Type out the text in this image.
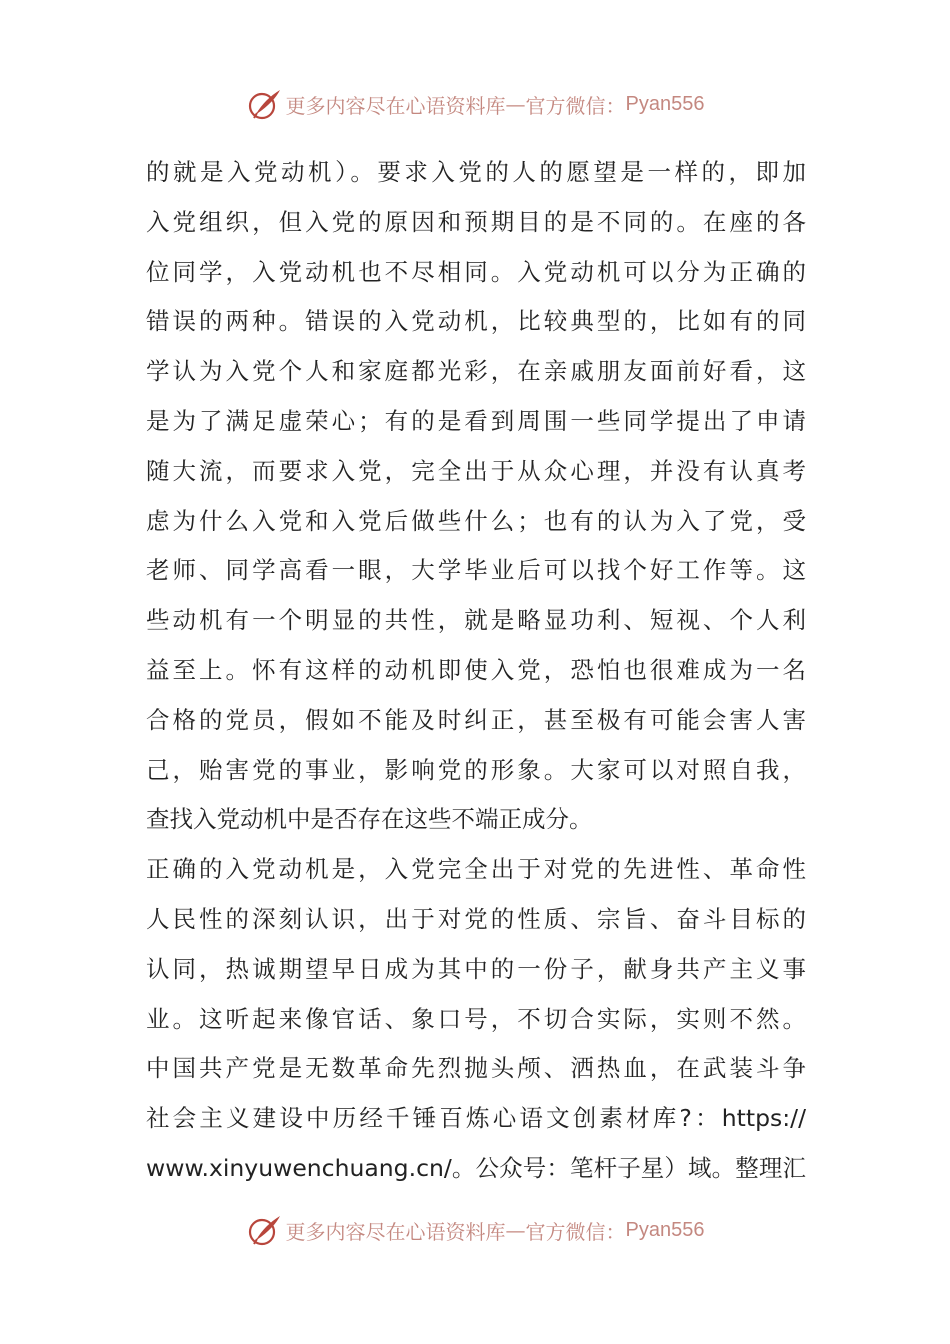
更多内容尽在心语资料库 — 官方微信： Pyan556
的就是入党动机）。要求入党的人的愿望是一样的，即加
入党组织，但入党的原因和预期目的是不同的。在座的各
位同学，入党动机也不尽相同。入党动机可以分为正确的
错误的两种。错误的入党动机，比较典型的，比如有的同
学认为入党个人和家庭都光彩，在亲戚朋友面前好看，这
是为了满足虚荣心；有的是看到周围一些同学提出了申请
随大流，而要求入党，完全出于从众心理，并没有认真考
虑为什么入党和入党后做些什么；也有的认为入了党，受
老师、同学高看一眼，大学毕业后可以找个好工作等。这
些动机有一个明显的共性，就是略显功利、短视、个人利
益至上。怀有这样的动机即使入党，恐怕也很难成为一名
合格的党员，假如不能及时纠正，甚至极有可能会害人害
己，贻害党的事业，影响党的形象。大家可以对照自我，
查找入党动机中是否存在这些不端正成分。
正确的入党动机是，入党完全出于对党的先进性、革命性
人民性的深刻认识，出于对党的性质、宗旨、奋斗目标的
认同，热诚期望早日成为其中的一份子，献身共产主义事
业。这听起来像官话、象口号，不切合实际，实则不然。
中国共产党是无数革命先烈抛头颅、洒热血，在武装斗争
社会主义建设中历经千锤百炼心语文创素材库?：https://
www.xinyuwenchuang.cn/。公众号：笔杆子星）域。整理汇
更多内容尽在心语资料库 — 官方微信： Pyan556
